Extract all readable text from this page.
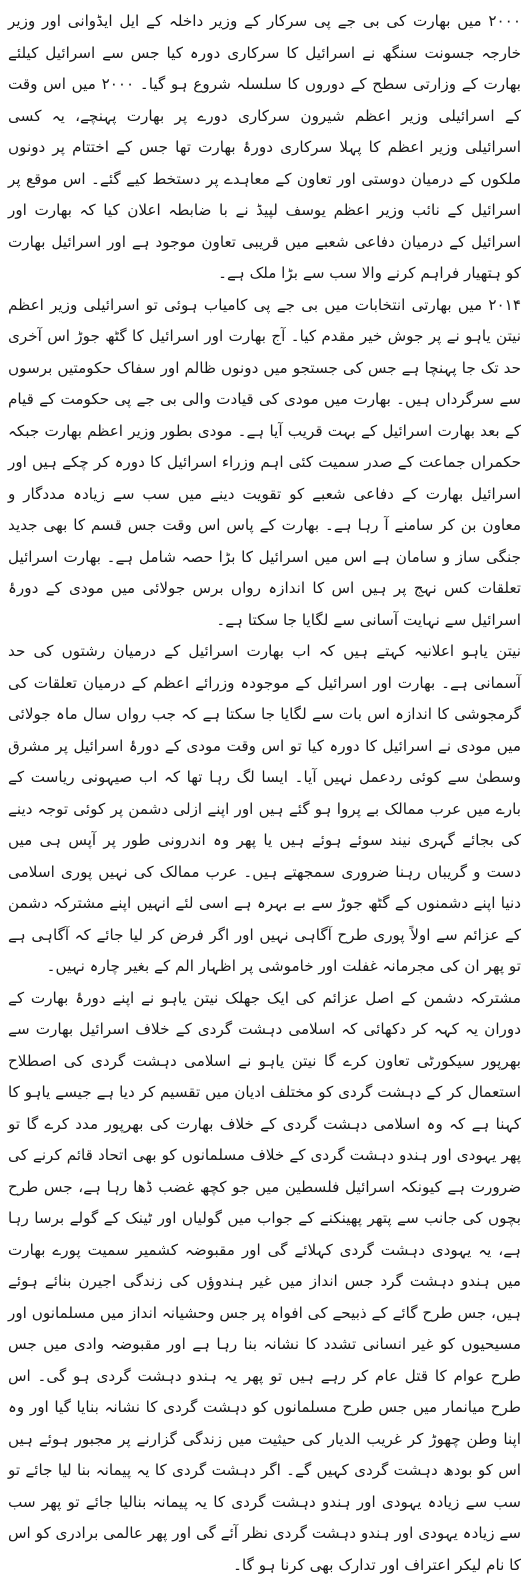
۲۰۰۰ میں بھارت کی بی جے پی سرکار کے وزیر داخلہ کے ایل ایڈوانی اور وزیر خارجہ جسونت سنگھ نے اسرائیل کا سرکاری دورہ کیا جس سے اسرائیل کیلئے بھارت کے وزارتی سطح کے دوروں کا سلسلہ شروع ہو گیا۔ ۲۰۰۰ میں اس وقت کے اسرائیلی وزیر اعظم شیرون سرکاری دورے پر بھارت پہنچے، یہ کسی اسرائیلی وزیر اعظم کا پہلا سرکاری دورۂ بھارت تھا جس کے اختتام پر دونوں ملکوں کے درمیان دوستی اور تعاون کے معاہدے پر دستخط کیے گئے۔ اس موقع پر اسرائیل کے نائب وزیر اعظم یوسف لپیڈ نے با ضابطہ اعلان کیا کہ بھارت اور اسرائیل کے درمیان دفاعی شعبے میں قریبی تعاون موجود ہے اور اسرائیل بھارت کو ہتھیار فراہم کرنے والا سب سے بڑا ملک ہے۔

۲۰۱۴ میں بھارتی انتخابات میں بی جے پی کامیاب ہوئی تو اسرائیلی وزیر اعظم نیتن یاہو نے پر جوش خیر مقدم کیا۔ آج بھارت اور اسرائیل کا گٹھ جوڑ اس آخری حد تک جا پہنچا ہے جس کی جستجو میں دونوں ظالم اور سفاک حکومتیں برسوں سے سرگرداں ہیں۔ بھارت میں مودی کی قیادت والی بی جے پی حکومت کے قیام کے بعد بھارت اسرائیل کے بہت قریب آیا ہے۔ مودی بطور وزیر اعظم بھارت جبکہ حکمراں جماعت کے صدر سمیت کئی اہم وزراء اسرائیل کا دورہ کر چکے ہیں اور اسرائیل بھارت کے دفاعی شعبے کو تقویت دینے میں سب سے زیادہ مددگار و معاون بن کر سامنے آ رہا ہے۔ بھارت کے پاس اس وقت جس قسم کا بھی جدید جنگی ساز و سامان ہے اس میں اسرائیل کا بڑا حصہ شامل ہے۔ بھارت اسرائیل تعلقات کس نہج پر ہیں اس کا اندازہ رواں برس جولائی میں مودی کے دورۂ اسرائیل سے نہایت آسانی سے لگایا جا سکتا ہے۔

نیتن یاہو اعلانیہ کہتے ہیں کہ اب بھارت اسرائیل کے درمیان رشتوں کی حد آسمانی ہے۔ بھارت اور اسرائیل کے موجودہ وزرائے اعظم کے درمیان تعلقات کی گرمجوشی کا اندازہ اس بات سے لگایا جا سکتا ہے کہ جب رواں سال ماہ جولائی میں مودی نے اسرائیل کا دورہ کیا تو اس وقت مودی کے دورۂ اسرائیل پر مشرق وسطیٰ سے کوئی ردعمل نہیں آیا۔ ایسا لگ رہا تھا کہ اب صیہونی ریاست کے بارے میں عرب ممالک بے پروا ہو گئے ہیں اور اپنے ازلی دشمن پر کوئی توجہ دینے کی بجائے گہری نیند سوئے ہوئے ہیں یا پھر وہ اندرونی طور پر آپس ہی میں دست و گریباں رہنا ضروری سمجھتے ہیں۔ عرب ممالک کی نہیں پوری اسلامی دنیا اپنے دشمنوں کے گٹھ جوڑ سے بے بہرہ ہے اسی لئے انہیں اپنے مشترکہ دشمن کے عزائم سے اولاً پوری طرح آگاہی نہیں اور اگر فرض کر لیا جائے کہ آگاہی ہے تو پھر ان کی مجرمانہ غفلت اور خاموشی پر اظہار الم کے بغیر چارہ نہیں۔

مشترکہ دشمن کے اصل عزائم کی ایک جھلک نیتن یاہو نے اپنے دورۂ بھارت کے دوران یہ کہہ کر دکھائی کہ اسلامی دہشت گردی کے خلاف اسرائیل بھارت سے بھرپور سیکورٹی تعاون کرے گا نیتن یاہو نے اسلامی دہشت گردی کی اصطلاح استعمال کر کے دہشت گردی کو مختلف ادیان میں تقسیم کر دیا ہے جیسے یاہو کا کہنا ہے کہ وہ اسلامی دہشت گردی کے خلاف بھارت کی بھرپور مدد کرے گا تو پھر یہودی اور ہندو دہشت گردی کے خلاف مسلمانوں کو بھی اتحاد قائم کرنے کی ضرورت ہے کیونکہ اسرائیل فلسطین میں جو کچھ غضب ڈھا رہا ہے، جس طرح بچوں کی جانب سے پتھر پھینکنے کے جواب میں گولیاں اور ٹینک کے گولے برسا رہا ہے، یہ یہودی دہشت گردی کہلائے گی اور مقبوضہ کشمیر سمیت پورے بھارت میں ہندو دہشت گرد جس انداز میں غیر ہندوؤں کی زندگی اجیرن بنائے ہوئے ہیں، جس طرح گائے کے ذبیحے کی افواہ پر جس وحشیانہ انداز میں مسلمانوں اور مسیحیوں کو غیر انسانی تشدد کا نشانہ بنا رہا ہے اور مقبوضہ وادی میں جس طرح عوام کا قتل عام کر رہے ہیں تو پھر یہ ہندو دہشت گردی ہو گی۔ اس طرح میانمار میں جس طرح مسلمانوں کو دہشت گردی کا نشانہ بنایا گیا اور وہ اپنا وطن چھوڑ کر غریب الدیار کی حیثیت میں زندگی گزارنے پر مجبور ہوئے ہیں اس کو بودھ دہشت گردی کہیں گے۔ اگر دہشت گردی کا یہ پیمانہ بنا لیا جائے تو سب سے زیادہ یہودی اور ہندو دہشت گردی کا یہ پیمانہ بنالیا جائے تو پھر سب سے زیادہ یہودی اور ہندو دہشت گردی نظر آئے گی اور پھر عالمی برادری کو اس کا نام لیکر اعتراف اور تدارک بھی کرنا ہو گا۔
